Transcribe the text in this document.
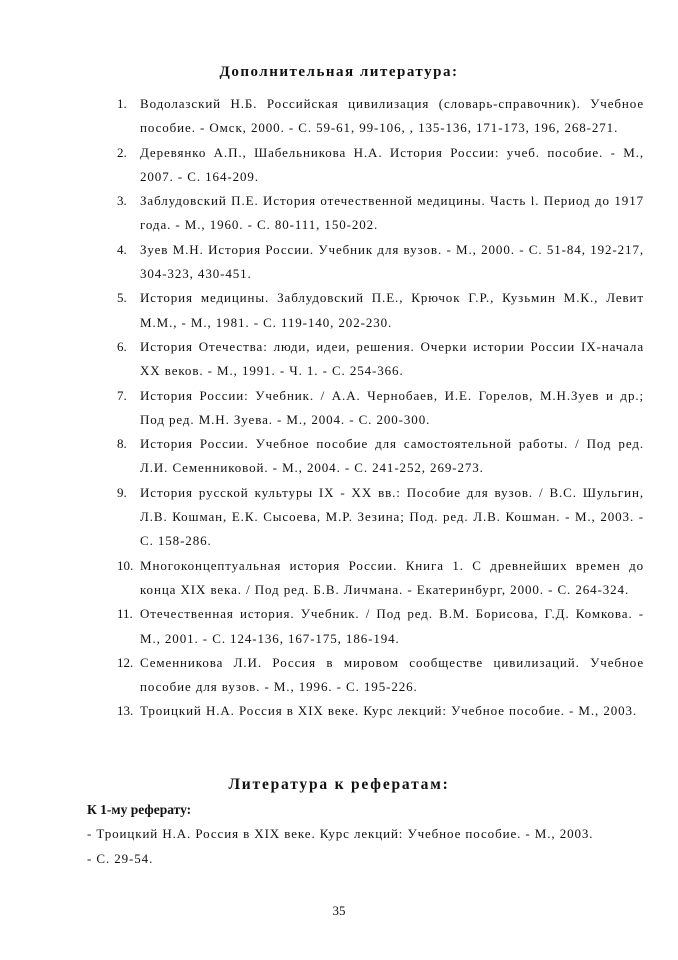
Дополнительная литература:
1. Водолазский Н.Б. Российская цивилизация (словарь-справочник). Учебное пособие. - Омск, 2000. - С. 59-61, 99-106, , 135-136, 171-173, 196, 268-271.
2. Деревянко А.П., Шабельникова Н.А. История России: учеб. пособие. - М., 2007. - С. 164-209.
3. Заблудовский П.Е. История отечественной медицины. Часть l. Период до 1917 года. - М., 1960. - С. 80-111, 150-202.
4. Зуев М.Н. История России. Учебник для вузов. - М., 2000. - С. 51-84, 192-217, 304-323, 430-451.
5. История медицины. Заблудовский П.Е., Крючок Г.Р., Кузьмин М.К., Левит М.М., - М., 1981. - С. 119-140, 202-230.
6. История Отечества: люди, идеи, решения. Очерки истории России IX-начала XX веков. - М., 1991. - Ч. 1. - С. 254-366.
7. История России: Учебник. / А.А. Чернобаев, И.Е. Горелов, М.Н.Зуев и др.; Под ред. М.Н. Зуева. - М., 2004. - С. 200-300.
8. История России. Учебное пособие для самостоятельной работы. / Под ред. Л.И. Семенниковой. - М., 2004. - С. 241-252, 269-273.
9. История русской культуры IX - XX вв.: Пособие для вузов. / В.С. Шульгин, Л.В. Кошман, Е.К. Сысоева, М.Р. Зезина; Под. ред. Л.В. Кошман. - М., 2003. - С. 158-286.
10. Многоконцептуальная история России. Книга 1. С древнейших времен до конца XIX века. / Под ред. Б.В. Личмана. - Екатеринбург, 2000. - С. 264-324.
11. Отечественная история. Учебник. / Под ред. В.М. Борисова, Г.Д. Комкова. - М., 2001. - С. 124-136, 167-175, 186-194.
12. Семенникова Л.И. Россия в мировом сообществе цивилизаций. Учебное пособие для вузов. - М., 1996. - С. 195-226.
13. Троицкий Н.А. Россия в XIX веке. Курс лекций: Учебное пособие. - М., 2003.
Литература к рефератам:
К 1-му реферату:
- Троицкий Н.А. Россия в XIX веке. Курс лекций: Учебное пособие. - М., 2003.
- С. 29-54.
35
